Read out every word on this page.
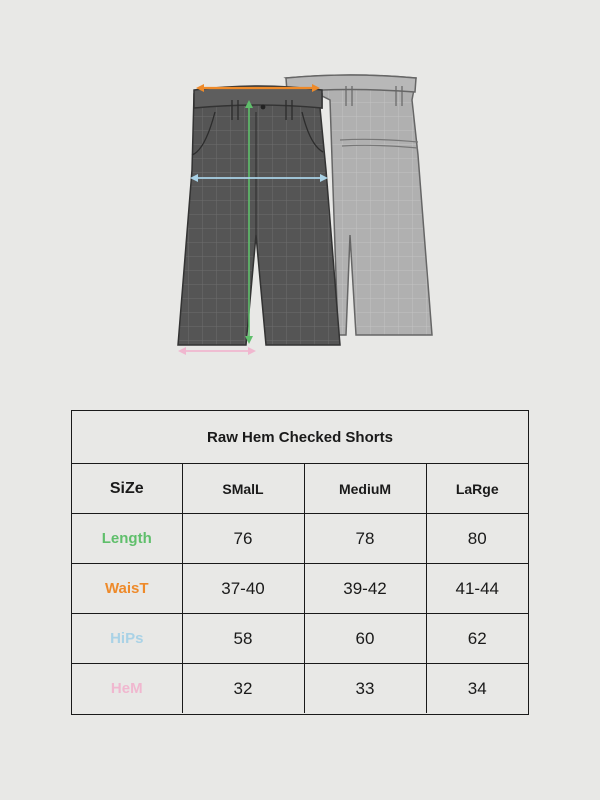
Raw Hem Checked Shorts
SiZe	SMalL	MediuM	LaRge
Length	76	78	80
WaisT	37-40	39-42	41-44
HiPs	58	60	62
HeM	32	33	34
